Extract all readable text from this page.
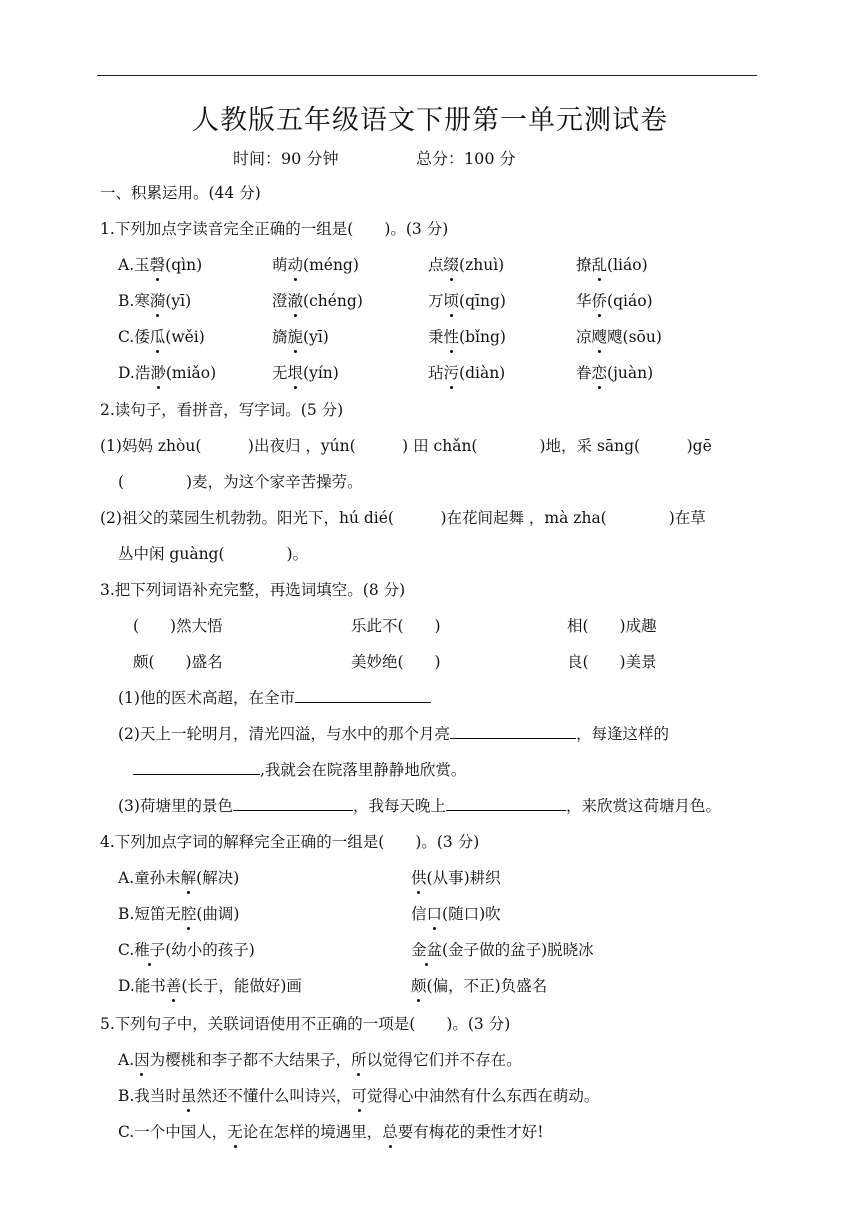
人教版五年级语文下册第一单元测试卷
时间：90 分钟	总分：100 分
一、积累运用。(44 分)
1.下列加点字读音完全正确的一组是(　　)。(3 分)
A.玉磬(qìn)	萌动(méng)	点缀(zhuì)	撩乱(liáo)
B.寒漪(yī)	澄澈(chéng)	万顷(qīng)	华侨(qiáo)
C.倭瓜(wěi)	旖旎(yī)	秉性(bǐng)	凉飕飕(sōu)
D.浩渺(miǎo)	无垠(yín)	玷污(diàn)	眷恋(juàn)
2.读句子，看拼音，写字词。(5 分)
(1)妈妈 zhòu(　　　)出夜归 ，yún(　　　) 田 chǎn(　　　　)地，采 sāng(　　　)gē
(　　　　)麦，为这个家辛苦操劳。
(2)祖父的菜园生机勃勃。阳光下，hú dié(　　　)在花间起舞 ，mà zha(　　　　)在草
丛中闲 guàng(　　　　)。
3.把下列词语补充完整，再选词填空。(8 分)
(　　)然大悟	乐此不(　　)	相(　　)成趣
颇(　　)盛名	美妙绝(　　)	良(　　)美景
(1)他的医术高超，在全市
(2)天上一轮明月，清光四溢，与水中的那个月亮	，每逢这样的
,我就会在院落里静静地欣赏。
(3)荷塘里的景色	，我每天晚上	，来欣赏这荷塘月色。
4.下列加点字词的解释完全正确的一组是(　　)。(3 分)
A.童孙未解(解决)	供(从事)耕织
B.短笛无腔(曲调)	信口(随口)吹
C.稚子(幼小的孩子)	金盆(金子做的盆子)脱晓冰
D.能书善(长于，能做好)画	颇(偏，不正)负盛名
5.下列句子中，关联词语使用不正确的一项是(　　)。(3 分)
A.因为樱桃和李子都不大结果子，所以觉得它们并不存在。
B.我当时虽然还不懂什么叫诗兴，可觉得心中油然有什么东西在萌动。
C.一个中国人，无论在怎样的境遇里，总要有梅花的秉性才好!
